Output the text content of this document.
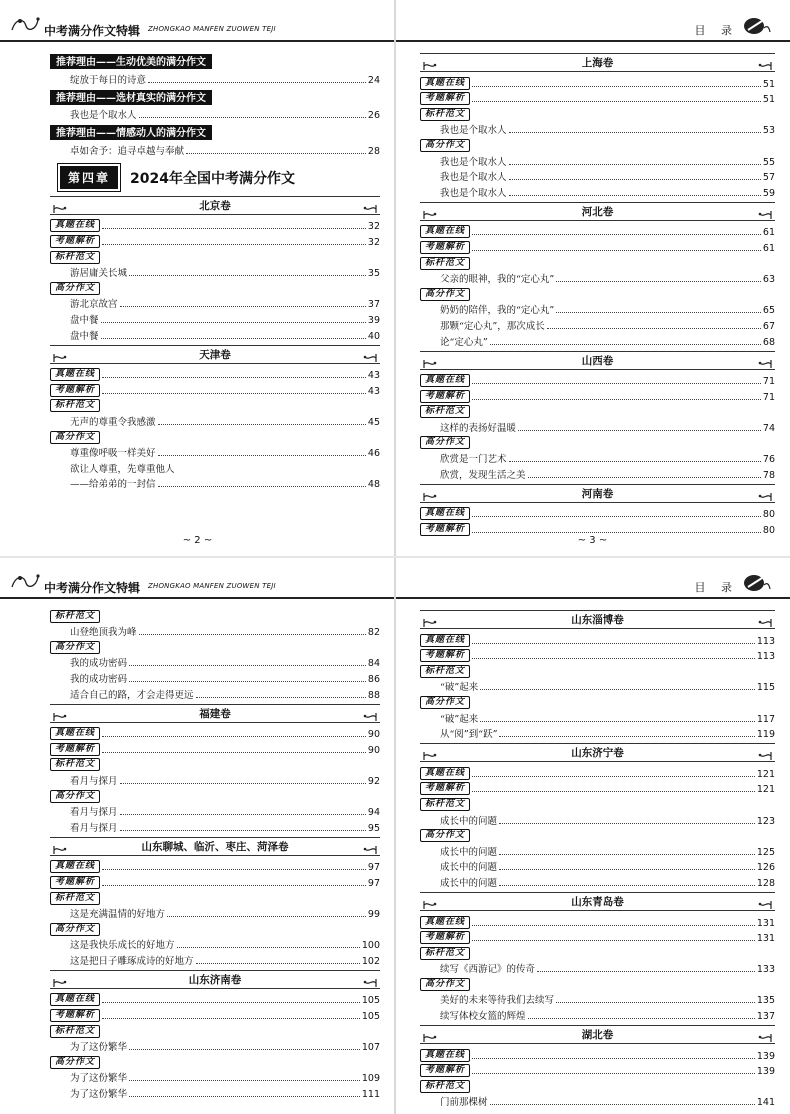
中考满分作文特辑 ZHONGKAO MANFEN ZUOWEN TEJI
推荐理由——生动优美的满分作文
绽放于每日的诗意	24
推荐理由——选材真实的满分作文
我也是个取水人	26
推荐理由——情感动人的满分作文
卓如舍予：追寻卓越与奉献	28
第四章	2024年全国中考满分作文
北京卷
真题在线	32
考题解析	32
标杆范文
游居庸关长城	35
高分作文
游北京故宫	37
盘中餐	39
盘中餐	40
天津卷
真题在线	43
考题解析	43
标杆范文
无声的尊重令我感激	45
高分作文
尊重像呼吸一样美好	46
欲让人尊重，先尊重他人
——给弟弟的一封信	48
~ 2 ~
目 录
上海卷
真题在线	51
考题解析	51
标杆范文
我也是个取水人	53
高分作文
我也是个取水人	55
我也是个取水人	57
我也是个取水人	59
河北卷
真题在线	61
考题解析	61
标杆范文
父亲的眼神，我的“定心丸”	63
高分作文
奶奶的陪伴，我的“定心丸”	65
那颗“定心丸”，那次成长	67
论“定心丸”	68
山西卷
真题在线	71
考题解析	71
标杆范文
这样的表扬好温暖	74
高分作文
欣赏是一门艺术	76
欣赏，发现生活之美	78
河南卷
真题在线	80
考题解析	80
~ 3 ~
中考满分作文特辑 ZHONGKAO MANFEN ZUOWEN TEJI
标杆范文
山登绝顶我为峰	82
高分作文
我的成功密码	84
我的成功密码	86
适合自己的路，才会走得更远	88
福建卷
真题在线	90
考题解析	90
标杆范文
看月与探月	92
高分作文
看月与探月	94
看月与探月	95
山东聊城、临沂、枣庄、菏泽卷
真题在线	97
考题解析	97
标杆范文
这是充满温情的好地方	99
高分作文
这是我快乐成长的好地方	100
这是把日子雕琢成诗的好地方	102
山东济南卷
真题在线	105
考题解析	105
标杆范文
为了这份繁华	107
高分作文
为了这份繁华	109
为了这份繁华	111
目 录
山东淄博卷
真题在线	113
考题解析	113
标杆范文
“破”起来	115
高分作文
“破”起来	117
从“阅”到“跃”	119
山东济宁卷
真题在线	121
考题解析	121
标杆范文
成长中的问题	123
高分作文
成长中的问题	125
成长中的问题	126
成长中的问题	128
山东青岛卷
真题在线	131
考题解析	131
标杆范文
续写《西游记》的传奇	133
高分作文
美好的未来等待我们去续写	135
续写体校女篮的辉煌	137
湖北卷
真题在线	139
考题解析	139
标杆范文
门前那棵树	141
